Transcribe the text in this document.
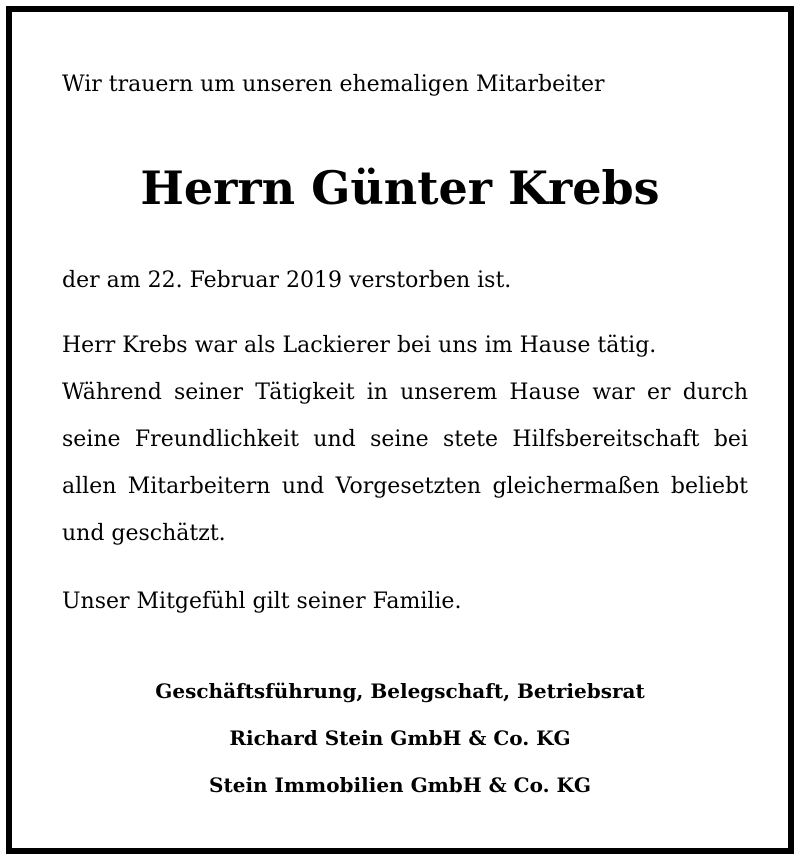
Wir trauern um unseren ehemaligen Mitarbeiter
Herrn Günter Krebs
der am 22. Februar 2019 verstorben ist.
Herr Krebs war als Lackierer bei uns im Hause tätig.
Während seiner Tätigkeit in unserem Hause war er durch
seine Freundlichkeit und seine stete Hilfsbereitschaft bei
allen Mitarbeitern und Vorgesetzten gleichermaßen beliebt
und geschätzt.
Unser Mitgefühl gilt seiner Familie.
Geschäftsführung, Belegschaft, Betriebsrat
Richard Stein GmbH & Co. KG
Stein Immobilien GmbH & Co. KG
